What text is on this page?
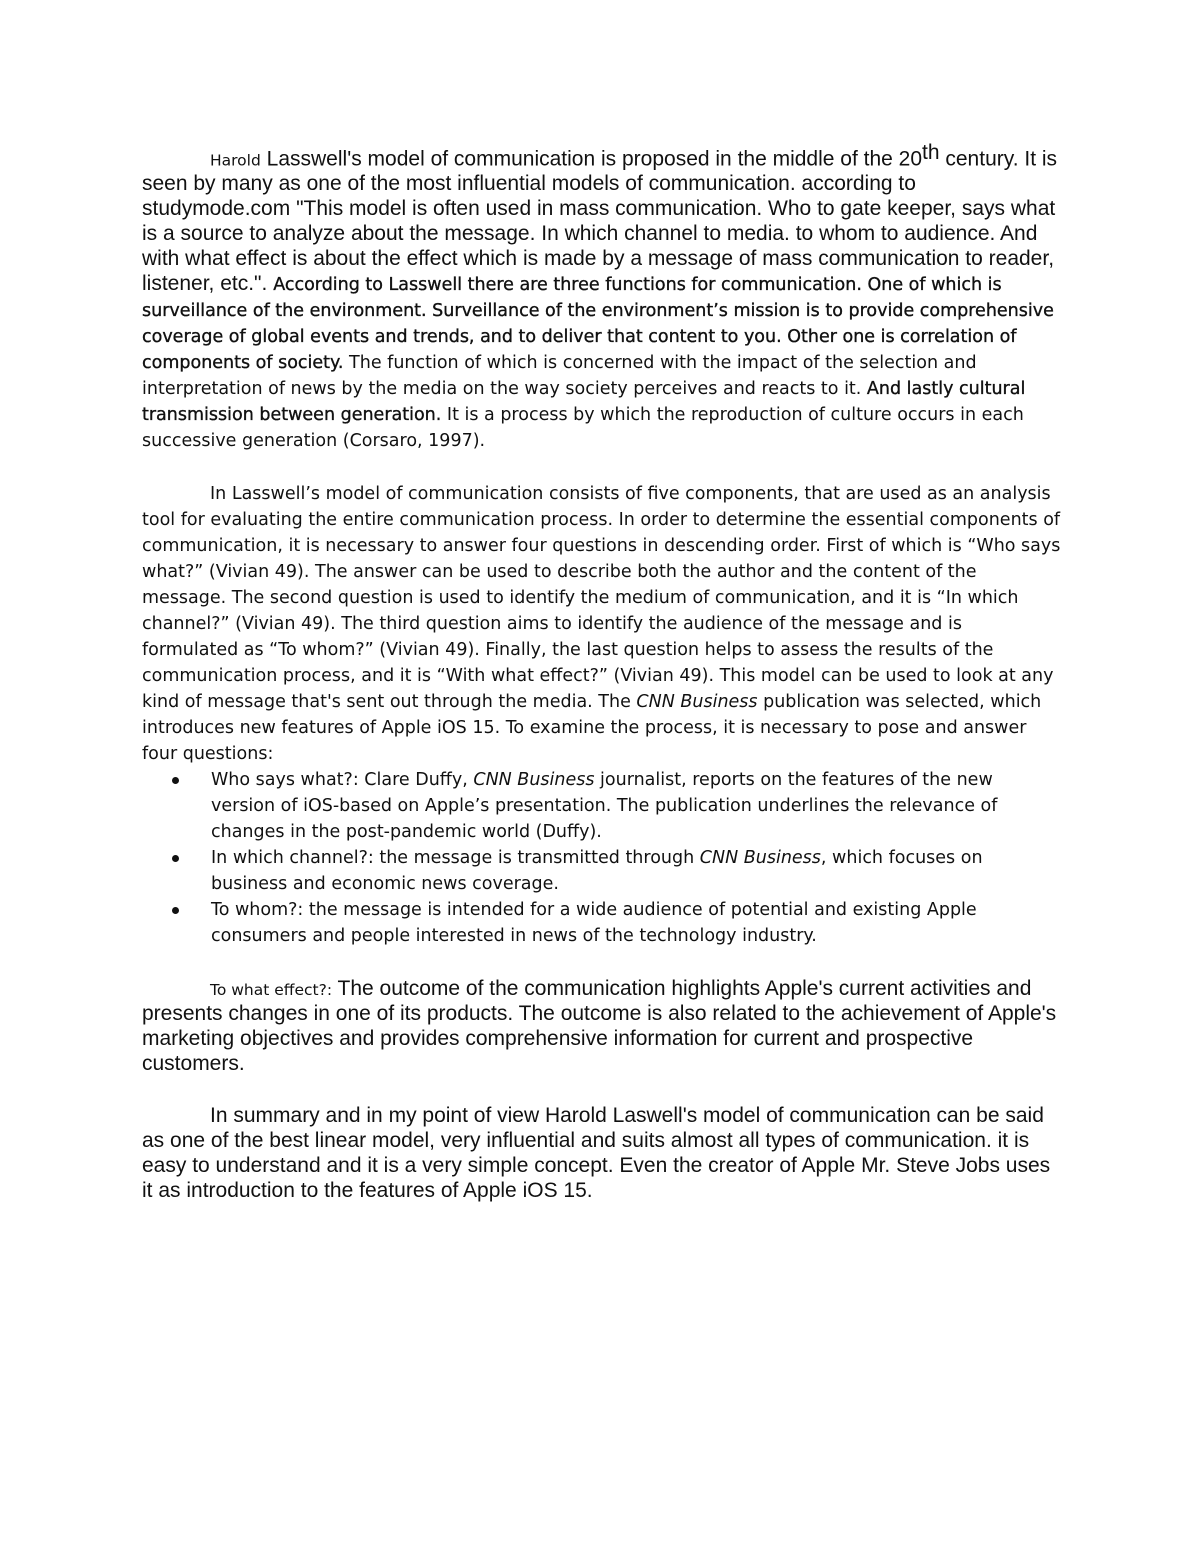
Harold Lasswell's model of communication is proposed in the middle of the 20th century. It is seen by many as one of the most influential models of communication. according to studymode.com "This model is often used in mass communication. Who to gate keeper, says what is a source to analyze about the message. In which channel to media. to whom to audience. And with what effect is about the effect which is made by a message of mass communication to reader, listener, etc.". According to Lasswell there are three functions for communication. One of which is surveillance of the environment. Surveillance of the environment’s mission is to provide comprehensive coverage of global events and trends, and to deliver that content to you. Other one is correlation of components of society. The function of which is concerned with the impact of the selection and interpretation of news by the media on the way society perceives and reacts to it. And lastly cultural transmission between generation. It is a process by which the reproduction of culture occurs in each successive generation (Corsaro, 1997).

In Lasswell’s model of communication consists of five components, that are used as an analysis tool for evaluating the entire communication process. In order to determine the essential components of communication, it is necessary to answer four questions in descending order. First of which is “Who says what?” (Vivian 49). The answer can be used to describe both the author and the content of the message. The second question is used to identify the medium of communication, and it is “In which channel?” (Vivian 49). The third question aims to identify the audience of the message and is formulated as “To whom?” (Vivian 49). Finally, the last question helps to assess the results of the communication process, and it is “With what effect?” (Vivian 49). This model can be used to look at any kind of message that's sent out through the media. The CNN Business publication was selected, which introduces new features of Apple iOS 15. To examine the process, it is necessary to pose and answer four questions:

Who says what?: Clare Duffy, CNN Business journalist, reports on the features of the new version of iOS-based on Apple’s presentation. The publication underlines the relevance of changes in the post-pandemic world (Duffy).
In which channel?: the message is transmitted through CNN Business, which focuses on business and economic news coverage.
To whom?: the message is intended for a wide audience of potential and existing Apple consumers and people interested in news of the technology industry.

To what effect?: The outcome of the communication highlights Apple's current activities and presents changes in one of its products. The outcome is also related to the achievement of Apple's marketing objectives and provides comprehensive information for current and prospective customers.

In summary and in my point of view Harold Laswell's model of communication can be said as one of the best linear model, very influential and suits almost all types of communication. it is easy to understand and it is a very simple concept. Even the creator of Apple Mr. Steve Jobs uses it as introduction to the features of Apple iOS 15.
